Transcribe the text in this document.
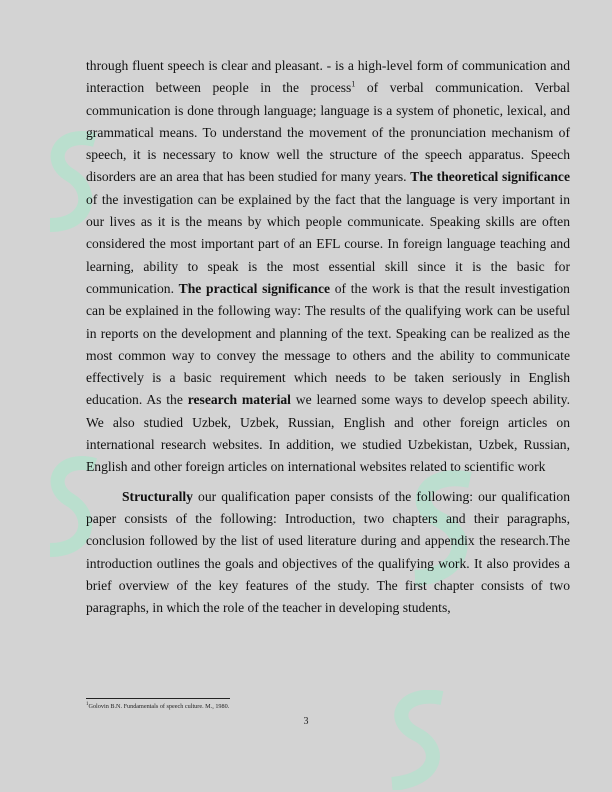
through fluent speech is clear and pleasant. - is a high-level form of communication and interaction between people in the process$^1$ of verbal communication. Verbal communication is done through language; language is a system of phonetic, lexical, and grammatical means. To understand the movement of the pronunciation mechanism of speech, it is necessary to know well the structure of the speech apparatus. Speech disorders are an area that has been studied for many years. The theoretical significance of the investigation can be explained by the fact that the language is very important in our lives as it is the means by which people communicate. Speaking skills are often considered the most important part of an EFL course. In foreign language teaching and learning, ability to speak is the most essential skill since it is the basic for communication. The practical significance of the work is that the result investigation can be explained in the following way: The results of the qualifying work can be useful in reports on the development and planning of the text. Speaking can be realized as the most common way to convey the message to others and the ability to communicate effectively is a basic requirement which needs to be taken seriously in English education. As the research material we learned some ways to develop speech ability. We also studied Uzbek, Uzbek, Russian, English and other foreign articles on international research websites. In addition, we studied Uzbekistan, Uzbek, Russian, English and other foreign articles on international websites related to scientific work

Structurally our qualification paper consists of the following: our qualification paper consists of the following: Introduction, two chapters and their paragraphs, conclusion followed by the list of used literature during and appendix the research.The introduction outlines the goals and objectives of the qualifying work. It also provides a brief overview of the key features of the study. The first chapter consists of two paragraphs, in which the role of the teacher in developing students,

$^1$Golovin B.N. Fundamentals of speech culture. M., 1980.
3
